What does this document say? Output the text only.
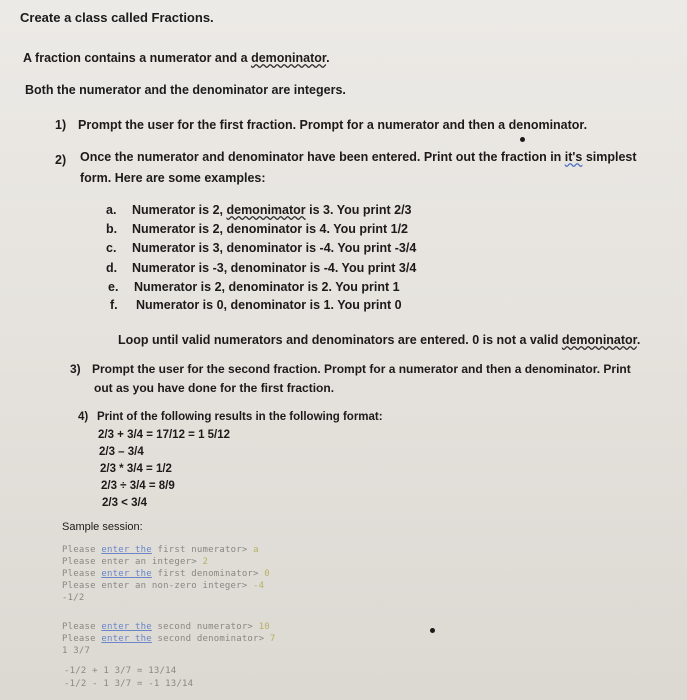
Create a class called Fractions.
A fraction contains a numerator and a demoninator.
Both the numerator and the denominator are integers.
1) Prompt the user for the first fraction. Prompt for a numerator and then a denominator.
2) Once the numerator and denominator have been entered. Print out the fraction in it's simplest
form. Here are some examples:
a. Numerator is 2, demonimator is 3. You print 2/3
b. Numerator is 2, denominator is 4. You print 1/2
c. Numerator is 3, denominator is -4. You print -3/4
d. Numerator is -3, denominator is -4. You print 3/4
e. Numerator is 2, denominator is 2. You print 1
f. Numerator is 0, denominator is 1. You print 0
Loop until valid numerators and denominators are entered. 0 is not a valid demoninator.
3) Prompt the user for the second fraction. Prompt for a numerator and then a denominator. Print
out as you have done for the first fraction.
4) Print of the following results in the following format:
2/3 + 3/4 = 17/12 = 1 5/12
2/3 – 3/4
2/3 * 3/4 = 1/2
2/3 ÷ 3/4 = 8/9
2/3 < 3/4
Sample session:
Please enter the first numerator> a
Please enter an integer> 2
Please enter the first denominator> 0
Please enter an non-zero integer> -4
-1/2
Please enter the second numerator> 10
Please enter the second denominator> 7
1 3/7
-1/2 + 1 3/7 = 13/14
-1/2 - 1 3/7 = -1 13/14
